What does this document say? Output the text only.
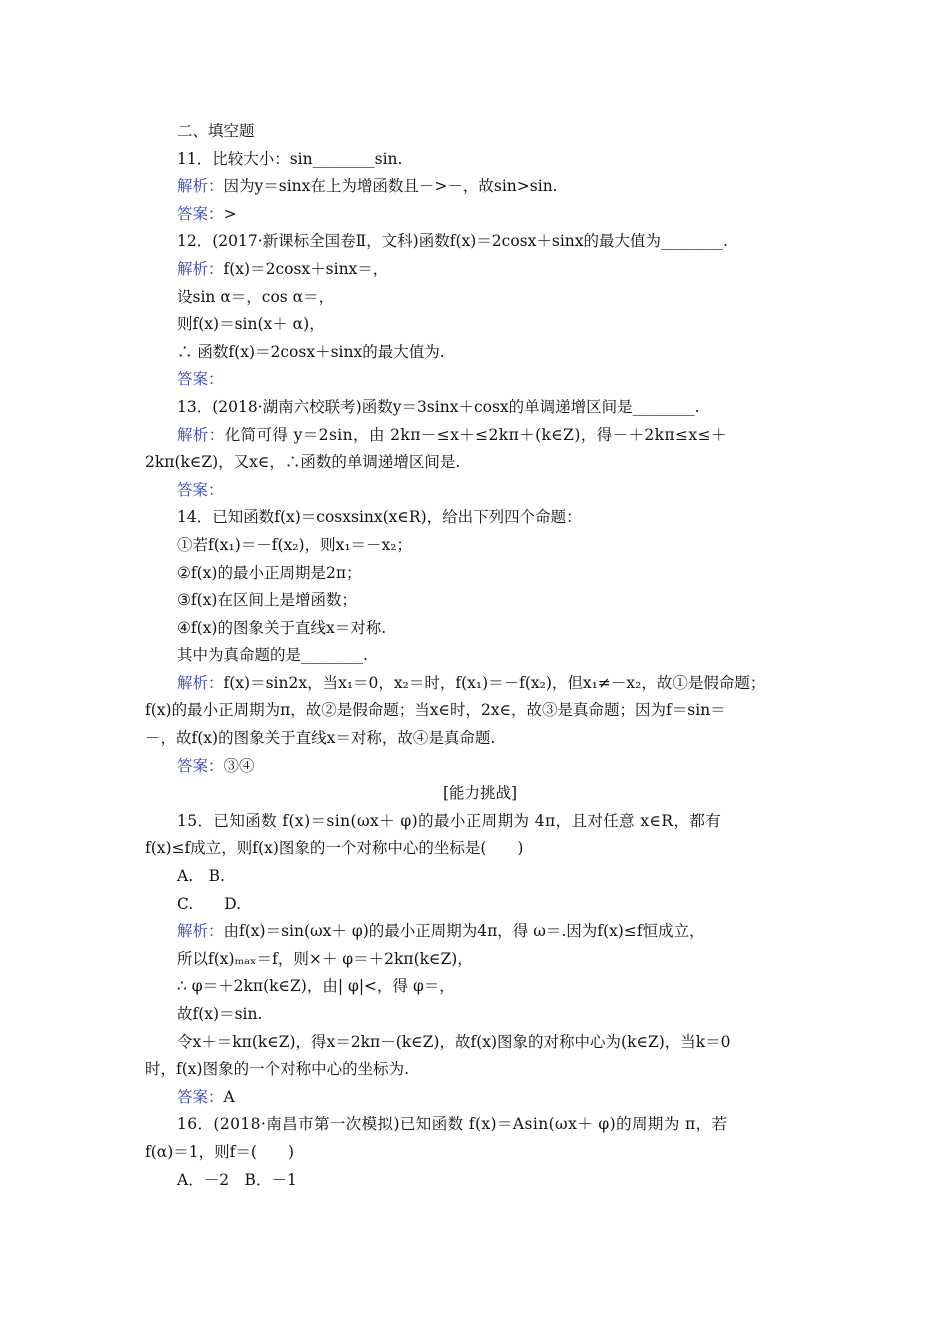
二、填空题
11．比较大小：sin________sin.
解析：因为y＝sinx在上为增函数且－>－，故sin>sin.
答案：>
12．(2017·新课标全国卷Ⅱ，文科)函数f(x)＝2cosx＋sinx的最大值为________.
解析：f(x)＝2cosx＋sinx＝，
设sin α＝，cos α＝，
则f(x)＝sin(x＋ α)，
∴ 函数f(x)＝2cosx＋sinx的最大值为.
答案：
13．(2018·湖南六校联考)函数y＝3sinx＋cosx的单调递增区间是________.
解析：化简可得 y＝2sin，由 2kπ－≤x＋≤2kπ＋(k∈Z)，得－＋2kπ≤x≤＋
2kπ(k∈Z)，又x∈，∴函数的单调递增区间是.
答案：
14．已知函数f(x)＝cosxsinx(x∈R)，给出下列四个命题：
①若f(x₁)＝－f(x₂)，则x₁＝－x₂；
②f(x)的最小正周期是2π；
③f(x)在区间上是增函数；
④f(x)的图象关于直线x＝对称.
其中为真命题的是________.
解析：f(x)＝sin2x，当x₁＝0，x₂＝时，f(x₁)＝－f(x₂)，但x₁≠－x₂，故①是假命题；
f(x)的最小正周期为π，故②是假命题；当x∈时，2x∈，故③是真命题；因为f＝sin＝
－，故f(x)的图象关于直线x＝对称，故④是真命题.
答案：③④
[能力挑战]
15．已知函数 f(x)＝sin(ωx＋ φ)的最小正周期为 4π，且对任意 x∈R，都有
f(x)≤f成立，则f(x)图象的一个对称中心的坐标是(　　)
A.　B.
C.　　D.
解析：由f(x)＝sin(ωx＋ φ)的最小正周期为4π，得 ω＝.因为f(x)≤f恒成立，
所以f(x)ₘₐₓ＝f，则×＋ φ＝＋2kπ(k∈Z)，
∴ φ＝＋2kπ(k∈Z)，由| φ|<，得 φ＝，
故f(x)＝sin.
令x＋＝kπ(k∈Z)，得x＝2kπ－(k∈Z)，故f(x)图象的对称中心为(k∈Z)，当k＝0
时，f(x)图象的一个对称中心的坐标为.
答案：A
16．(2018·南昌市第一次模拟)已知函数 f(x)＝Asin(ωx＋ φ)的周期为 π，若
f(α)＝1，则f＝(　　)
A．－2　B．－1
